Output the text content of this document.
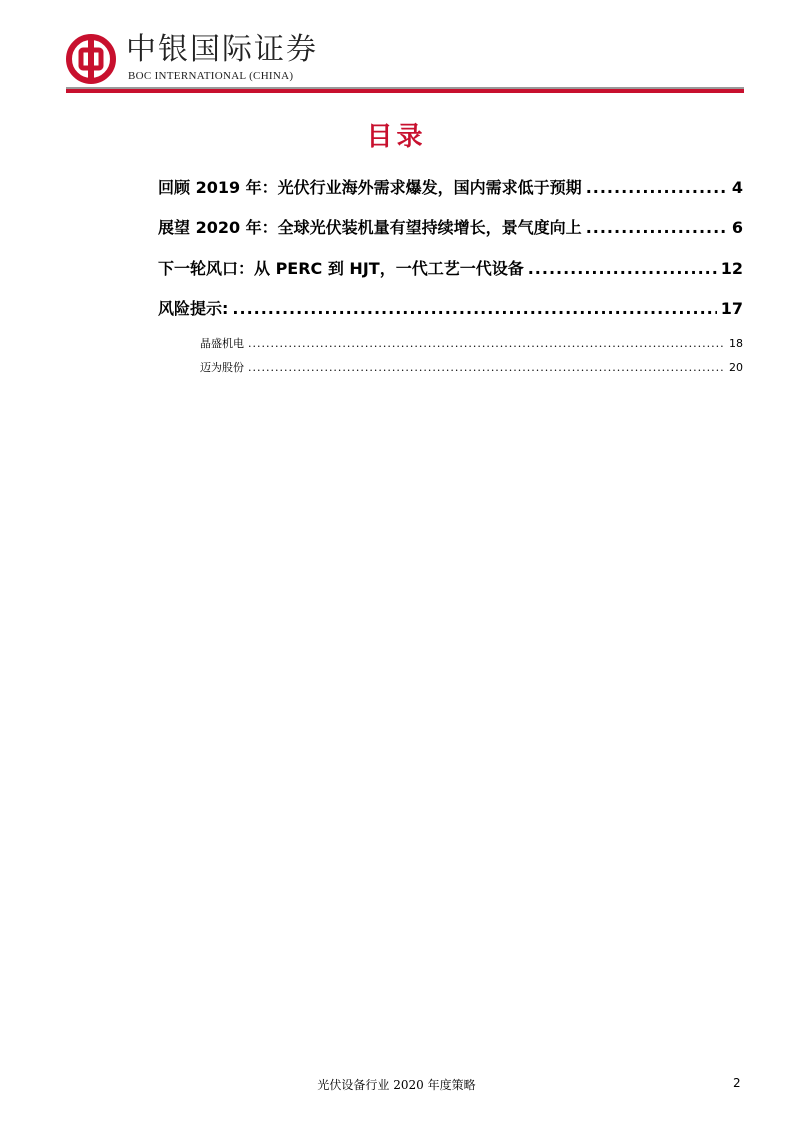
中银国际证券
BOC INTERNATIONAL (CHINA)
目录
回顾 2019 年：光伏行业海外需求爆发，国内需求低于预期 .....	4
展望 2020 年：全球光伏装机量有望持续增长，景气度向上 .....	6
下一轮风口：从 PERC 到 HJT，一代工艺一代设备 .....	12
风险提示: .....	17
晶盛机电 .....	18
迈为股份 .....	20
光伏设备行业 2020 年度策略	2
